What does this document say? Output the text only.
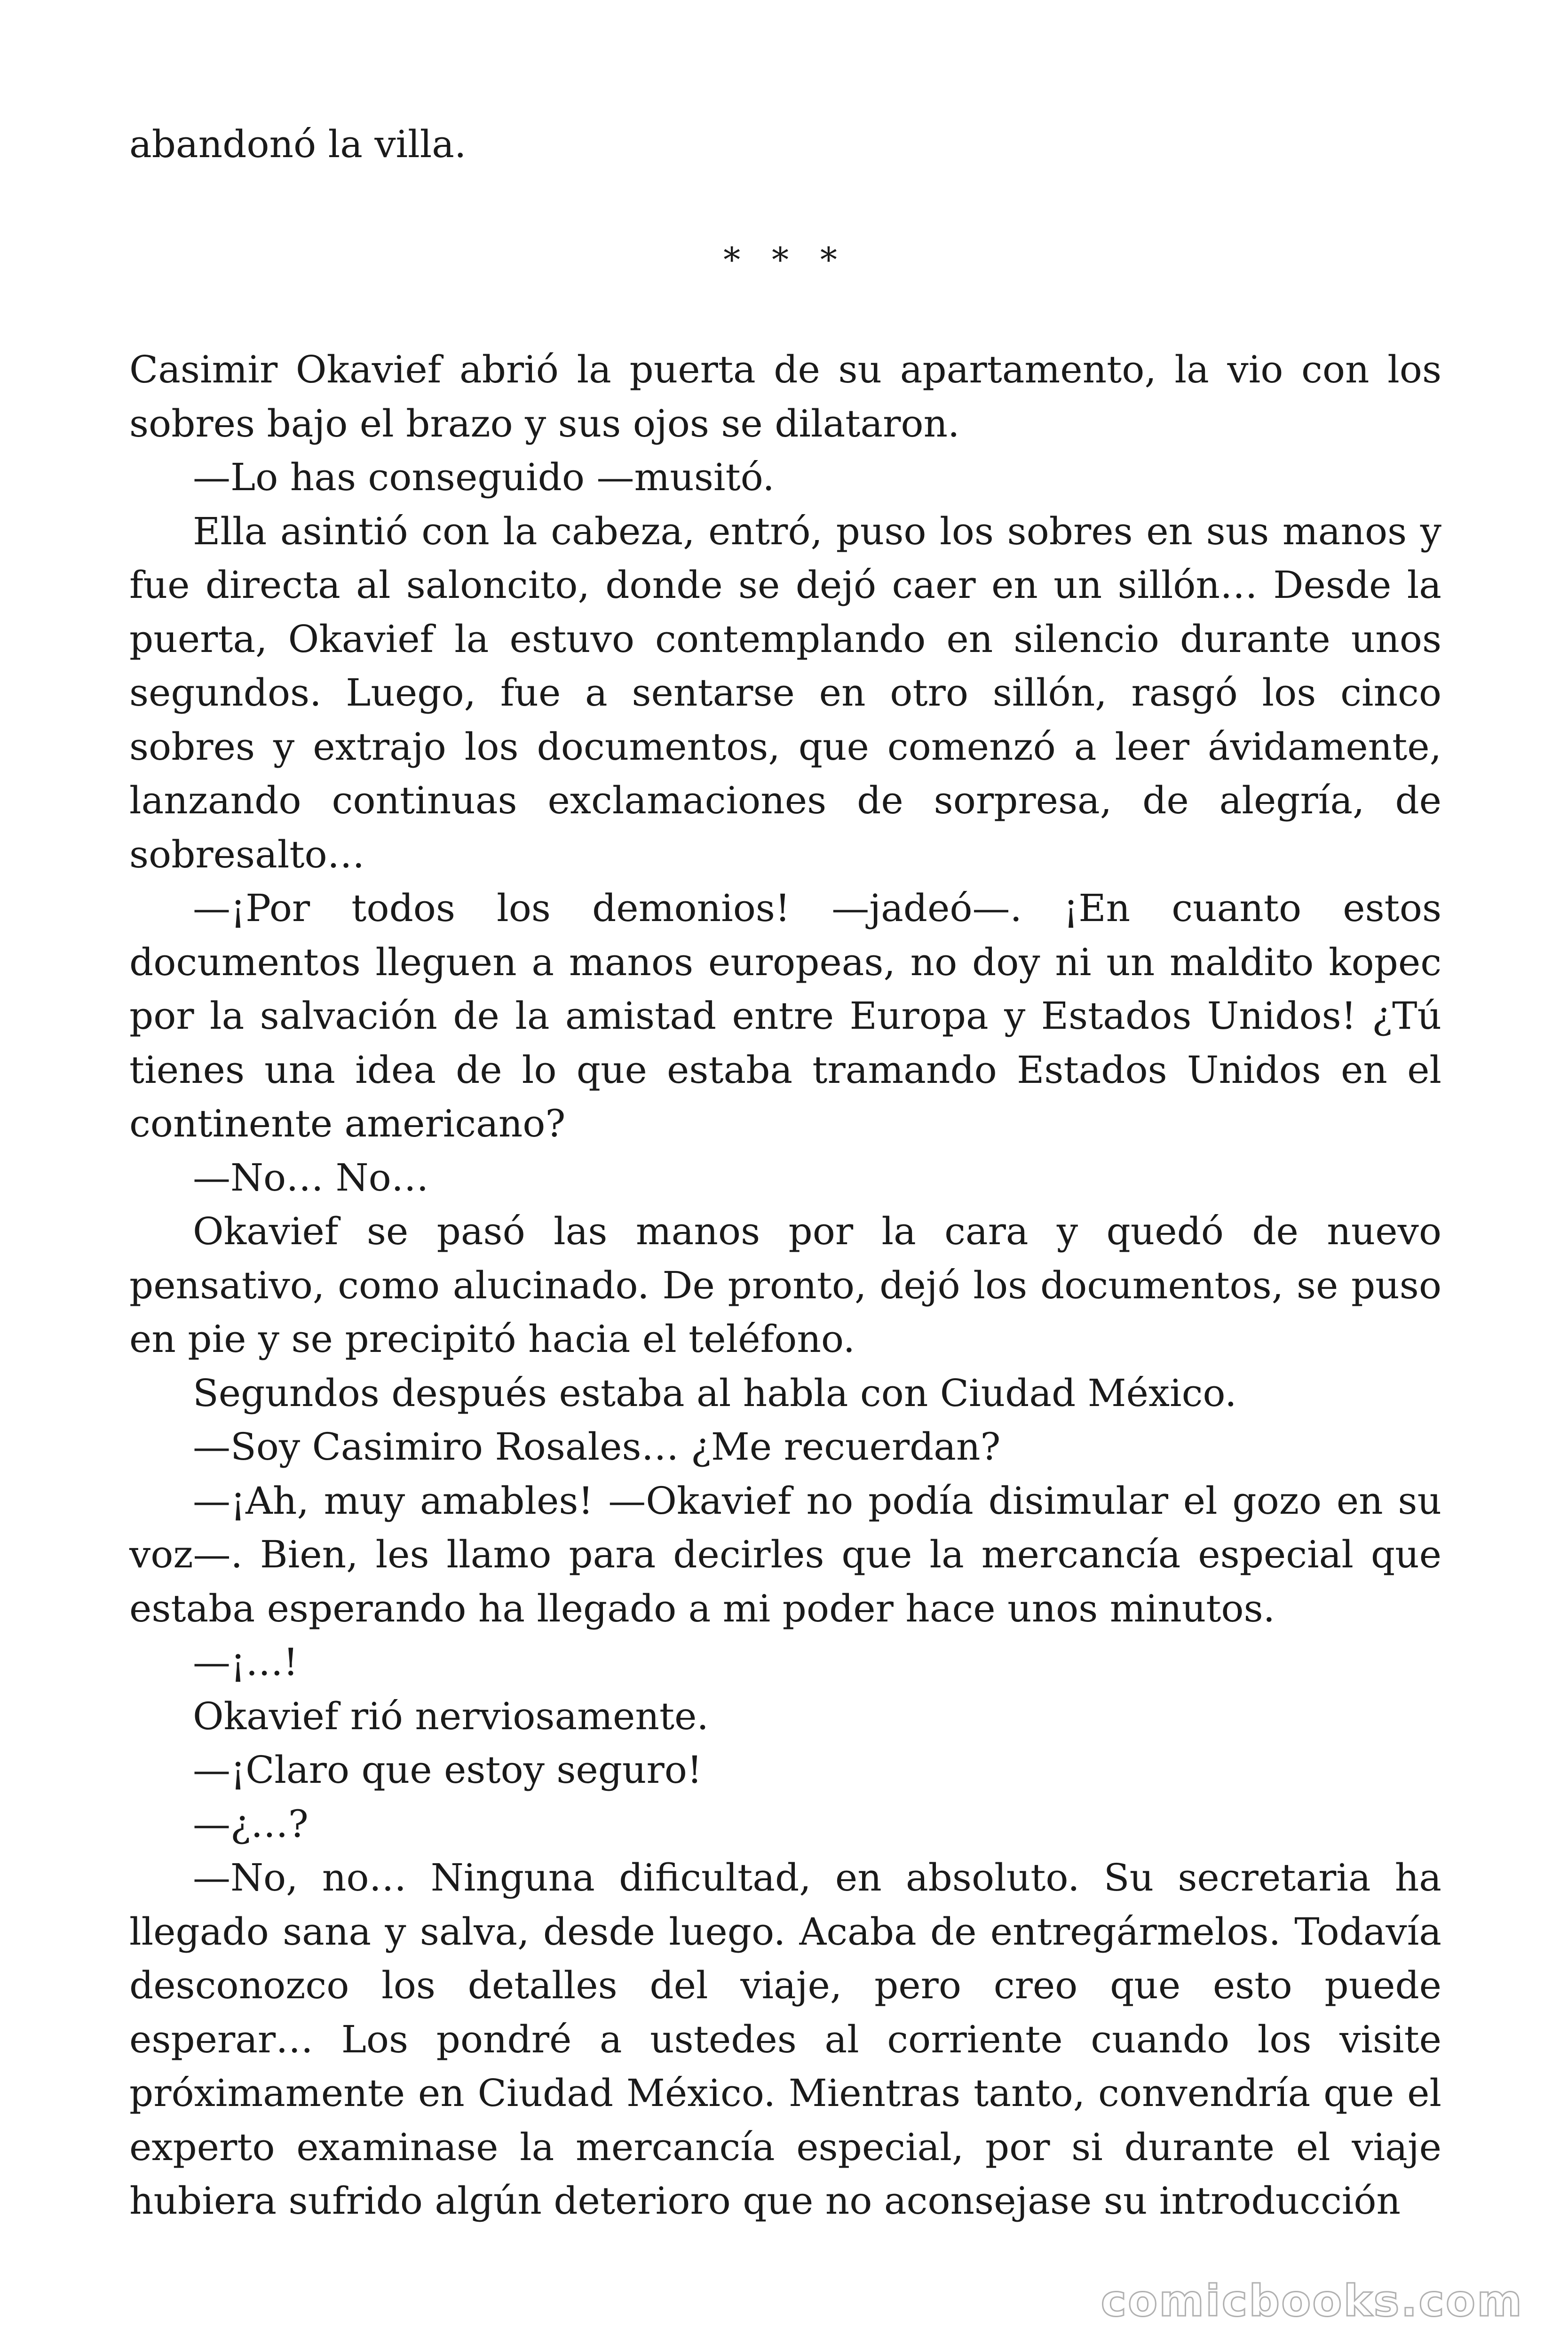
abandonó la villa.

* * *

Casimir Okavief abrió la puerta de su apartamento, la vio con los sobres bajo el brazo y sus ojos se dilataron.

—Lo has conseguido —musitó.

Ella asintió con la cabeza, entró, puso los sobres en sus manos y fue directa al saloncito, donde se dejó caer en un sillón… Desde la puerta, Okavief la estuvo contemplando en silencio durante unos segundos. Luego, fue a sentarse en otro sillón, rasgó los cinco sobres y extrajo los documentos, que comenzó a leer ávidamente, lanzando continuas exclamaciones de sorpresa, de alegría, de sobresalto…

—¡Por todos los demonios! —jadeó—. ¡En cuanto estos documentos lleguen a manos europeas, no doy ni un maldito kopec por la salvación de la amistad entre Europa y Estados Unidos! ¿Tú tienes una idea de lo que estaba tramando Estados Unidos en el continente americano?

—No… No…

Okavief se pasó las manos por la cara y quedó de nuevo pensativo, como alucinado. De pronto, dejó los documentos, se puso en pie y se precipitó hacia el teléfono.

Segundos después estaba al habla con Ciudad México.

—Soy Casimiro Rosales… ¿Me recuerdan?

—¡Ah, muy amables! —Okavief no podía disimular el gozo en su voz—. Bien, les llamo para decirles que la mercancía especial que estaba esperando ha llegado a mi poder hace unos minutos.

—¡…!

Okavief rió nerviosamente.

—¡Claro que estoy seguro!

—¿…?

—No, no… Ninguna dificultad, en absoluto. Su secretaria ha llegado sana y salva, desde luego. Acaba de entregármelos. Todavía desconozco los detalles del viaje, pero creo que esto puede esperar… Los pondré a ustedes al corriente cuando los visite próximamente en Ciudad México. Mientras tanto, convendría que el experto examinase la mercancía especial, por si durante el viaje hubiera sufrido algún deterioro que no aconsejase su introducción

comicbooks.com
